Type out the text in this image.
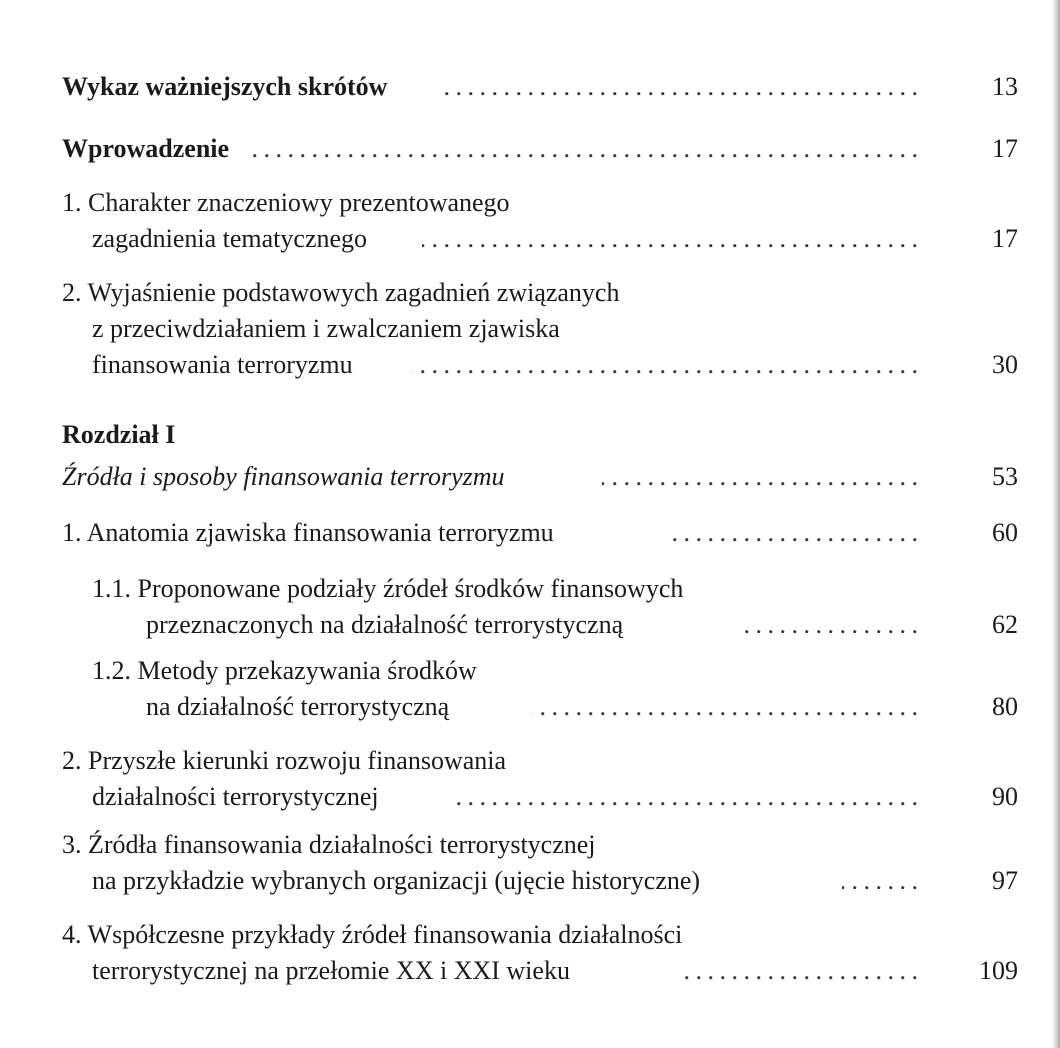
. . .
Wykaz ważniejszych skrótów	13
. . .
Wprowadzenie	17
1. Charakter znaczeniowy prezentowanego
. . .
zagadnienia tematycznego	17
2. Wyjaśnienie podstawowych zagadnień związanych
z przeciwdziałaniem i zwalczaniem zjawiska
. . .
finansowania terroryzmu	30
Rozdział I
. . .
Źródła i sposoby finansowania terroryzmu	53
. . .
1. Anatomia zjawiska finansowania terroryzmu	60
1.1. Proponowane podziały źródeł środków finansowych
. . .
przeznaczonych na działalność terrorystyczną	62
1.2. Metody przekazywania środków
. . .
na działalność terrorystyczną	80
2. Przyszłe kierunki rozwoju finansowania
. . .
działalności terrorystycznej	90
3. Źródła finansowania działalności terrorystycznej
. . .
na przykładzie wybranych organizacji (ujęcie historyczne)	97
4. Współczesne przykłady źródeł finansowania działalności
. . .
terrorystycznej na przełomie XX i XXI wieku	109
